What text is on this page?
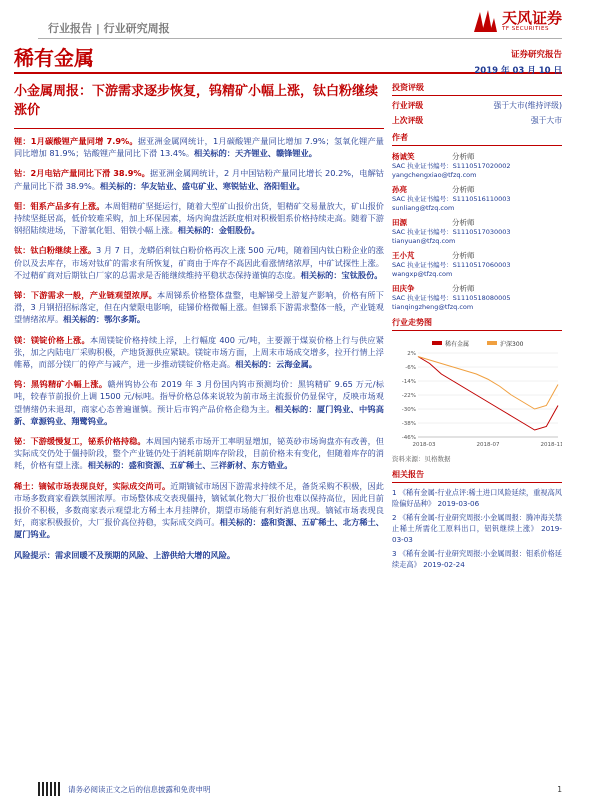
行业报告 | 行业研究周报
天风证券
TF SECURITIES
稀有金属
小金属周报：下游需求逐步恢复，钨精矿小幅上涨，钛白粉继续涨价
锂：1月碳酸锂产量同增 7.9%。据亚洲金属网统计，1月碳酸锂产量同比增加 7.9%；氢氧化锂产量同比增加 81.9%；钴酸锂产量同比下滑 13.4%。相关标的：天齐锂业、赣锋锂业。
钴：2月电钴产量同比下滑 38.9%。据亚洲金属网统计，2 月中国钴粉产量同比增长 20.2%，电解钴产量同比下滑 38.9%。相关标的：华友钴业、盛屯矿业、寒锐钴业、洛阳钼业。
钼：钼系产品多有上涨。本周钼精矿坚挺运行，随着大型矿山报价出货，钼精矿交易量放大，矿山报价持续坚挺居高，低价较难采购，加上环保因素，场内询盘活跃度相对积极钼系价格持续走高。随着下游钢招陆续进场，下游氧化钼、钼铁小幅上涨。相关标的：金钼股份。
钛：钛白粉继续上涨。3 月 7 日，龙蟒佰利钛白粉价格再次上涨 500 元/吨，随着国内钛白粉企业的涨价以及去库存，市场对钛矿的需求有所恢复，矿商由于库存不高因此看涨情绪浓厚，中矿试探性上涨。不过精矿商对后期钛白厂家的总需求是否能继续维持平稳状态保持谨慎的态度。相关标的：宝钛股份。
锑：下游需求一般，产业链观望浓厚。本周锑系价格整体盘整，电解锑受上游复产影响，价格有所下滑，3 月钢招招标落定，但在内蒙限电影响，硅锑价格微幅上涨。但锑系下游需求整体一般，产业链观望情绪浓厚。相关标的：鄂尔多斯。
镁：镁锭价格上涨。本周镁锭价格持续上浮，上行幅度 400 元/吨，主要源于煤炭价格上行与供应紧张，加之内陆电厂采购积极，产地货源供应紧缺。镁锭市场方面，上周末市场成交增多，拉开行情上浮帷幕，而部分镁厂的停产与减产，进一步推动镁锭价格走高。相关标的：云海金属。
钨：黑钨精矿小幅上涨。赣州钨协公布 2019 年 3 月份国内钨市预测均价：黑钨精矿 9.65 万元/标吨，较春节前报价上调 1500 元/标吨。指导价格总体来说较为前市场主流报价仍显保守，反映市场观望情绪仍未退却，商家心态普遍谨慎。预计后市钨产品价格企稳为主。相关标的：厦门钨业、中钨高新、章源钨业、翔鹭钨业。
铋：下游缓慢复工，铋系价格持稳。本周国内铋系市场开工率明显增加，铋英砂市场询盘亦有改善，但实际成交仍处于僵持阶段，整个产业链仍处于消耗前期库存阶段，目前价格未有变化，但随着库存的消耗，价格有望上涨。相关标的：盛和资源、五矿稀土、三祥新材、东方锆业。
稀土：镝铽市场表现良好，实际成交尚可。近期镝铽市场因下游需求持续不足，备货采购不积极，因此市场多数商家看跌氛围浓厚。市场整体成交表现僵持，镝铽氧化物大厂报价也难以保持高位，因此目前报价不积极，多数商家表示观望北方稀土本月挂牌价，期望市场能有利好消息出现。镝铽市场表现良好，商家积极报价，大厂报价高位持稳，实际成交尚可。相关标的：盛和资源、五矿稀土、北方稀土、厦门钨业。
风险提示：需求回暖不及预期的风险、上游供给大增的风险。
证券研究报告
2019 年 03 月 10 日
投资评级
行业评级	强于大市(维持评级)
上次评级	强于大市
作者
杨诚笑	分析师
SAC 执业证书编号：S1110517020002
yangchengxiao@tfzq.com
孙亮	分析师
SAC 执业证书编号：S1110516110003
sunliang@tfzq.com
田源	分析师
SAC 执业证书编号：S1110517030003
tianyuan@tfzq.com
王小芃	分析师
SAC 执业证书编号：S1110517060003
wangxp@tfzq.com
田庆争	分析师
SAC 执业证书编号：S1110518080005
tianqingzheng@tfzq.com
行业走势图
稀有金属	沪深300
2%
-6%
-14%
-22%
-30%
-38%
-46%
2018-03	2018-07	2018-11
资料来源：贝格数据
相关报告
1 《稀有金属-行业点评:稀土进口风险延续，重视高风险偏好品种》 2019-03-06
2 《稀有金属-行业研究周报:小金属周报：腾冲海关禁止稀土所需化工原料出口，铝钒继续上涨》 2019-03-03
3 《稀有金属-行业研究周报:小金属周报：钼系价格延续走高》 2019-02-24
请务必阅读正文之后的信息披露和免责申明	1
